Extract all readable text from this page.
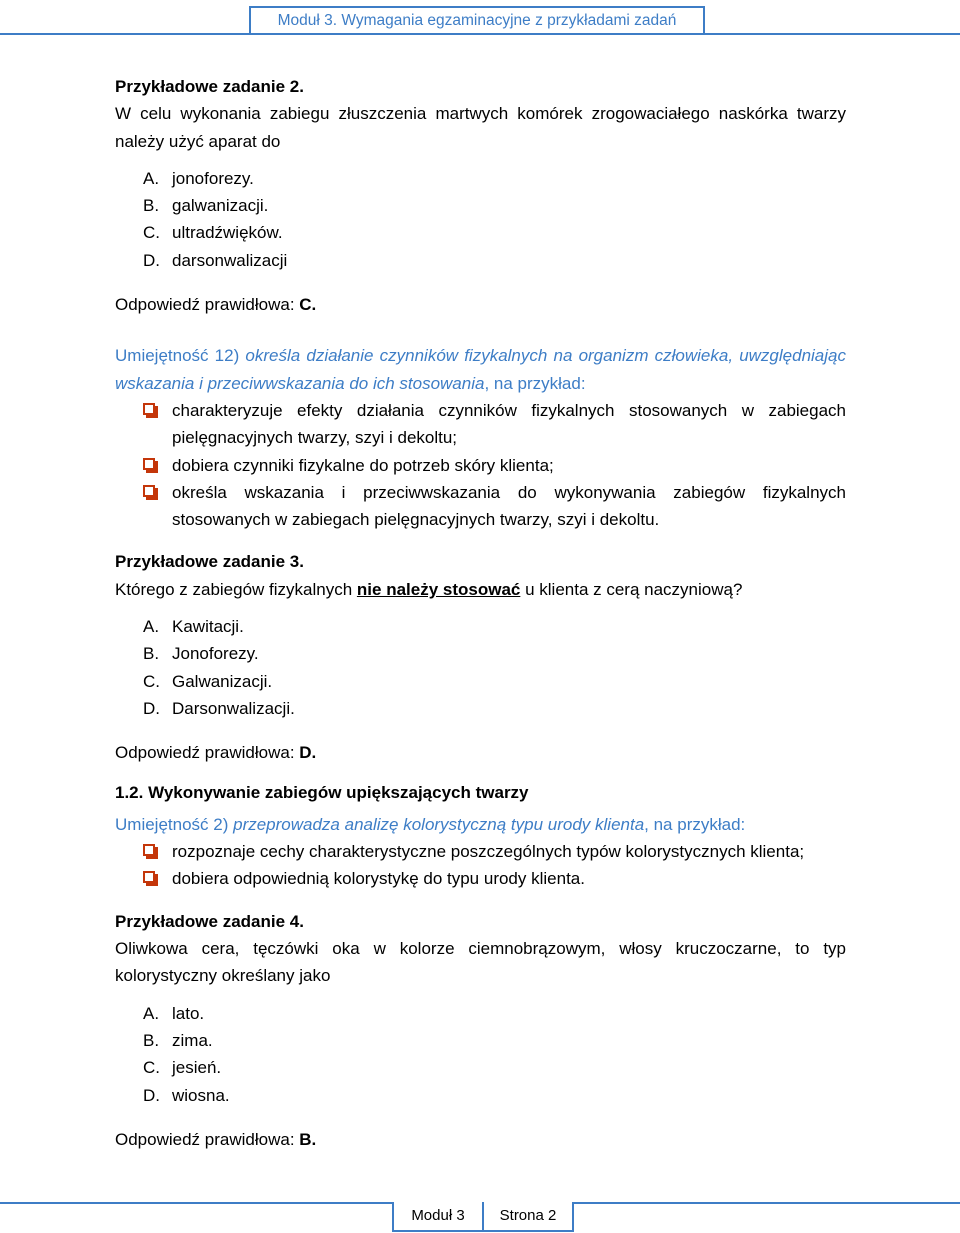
Moduł 3. Wymagania egzaminacyjne z przykładami zadań

Przykładowe zadanie 2.

W celu wykonania zabiegu złuszczenia martwych komórek zrogowaciałego naskórka twarzy należy użyć aparat do

A. jonoforezy.
B. galwanizacji.
C. ultradźwięków.
D. darsonwalizacji

Odpowiedź prawidłowa: C.

Umiejętność 12) określa działanie czynników fizykalnych na organizm człowieka, uwzględniając wskazania i przeciwwskazania do ich stosowania, na przykład:

charakteryzuje efekty działania czynników fizykalnych stosowanych w zabiegach pielęgnacyjnych twarzy, szyi i dekoltu;
dobiera czynniki fizykalne do potrzeb skóry klienta;
określa wskazania i przeciwwskazania do wykonywania zabiegów fizykalnych stosowanych w zabiegach pielęgnacyjnych twarzy, szyi i dekoltu.

Przykładowe zadanie 3.

Którego z zabiegów fizykalnych nie należy stosować u klienta z cerą naczyniową?

A. Kawitacji.
B. Jonoforezy.
C. Galwanizacji.
D. Darsonwalizacji.

Odpowiedź prawidłowa: D.

1.2. Wykonywanie zabiegów upiększających twarzy

Umiejętność 2) przeprowadza analizę kolorystyczną typu urody klienta, na przykład:

rozpoznaje cechy charakterystyczne poszczególnych typów kolorystycznych klienta;
dobiera odpowiednią kolorystykę do typu urody klienta.

Przykładowe zadanie 4.

Oliwkowa cera, tęczówki oka w kolorze ciemnobrązowym, włosy kruczoczarne, to typ kolorystyczny określany jako

A. lato.
B. zima.
C. jesień.
D. wiosna.

Odpowiedź prawidłowa: B.

Moduł 3	Strona 2
